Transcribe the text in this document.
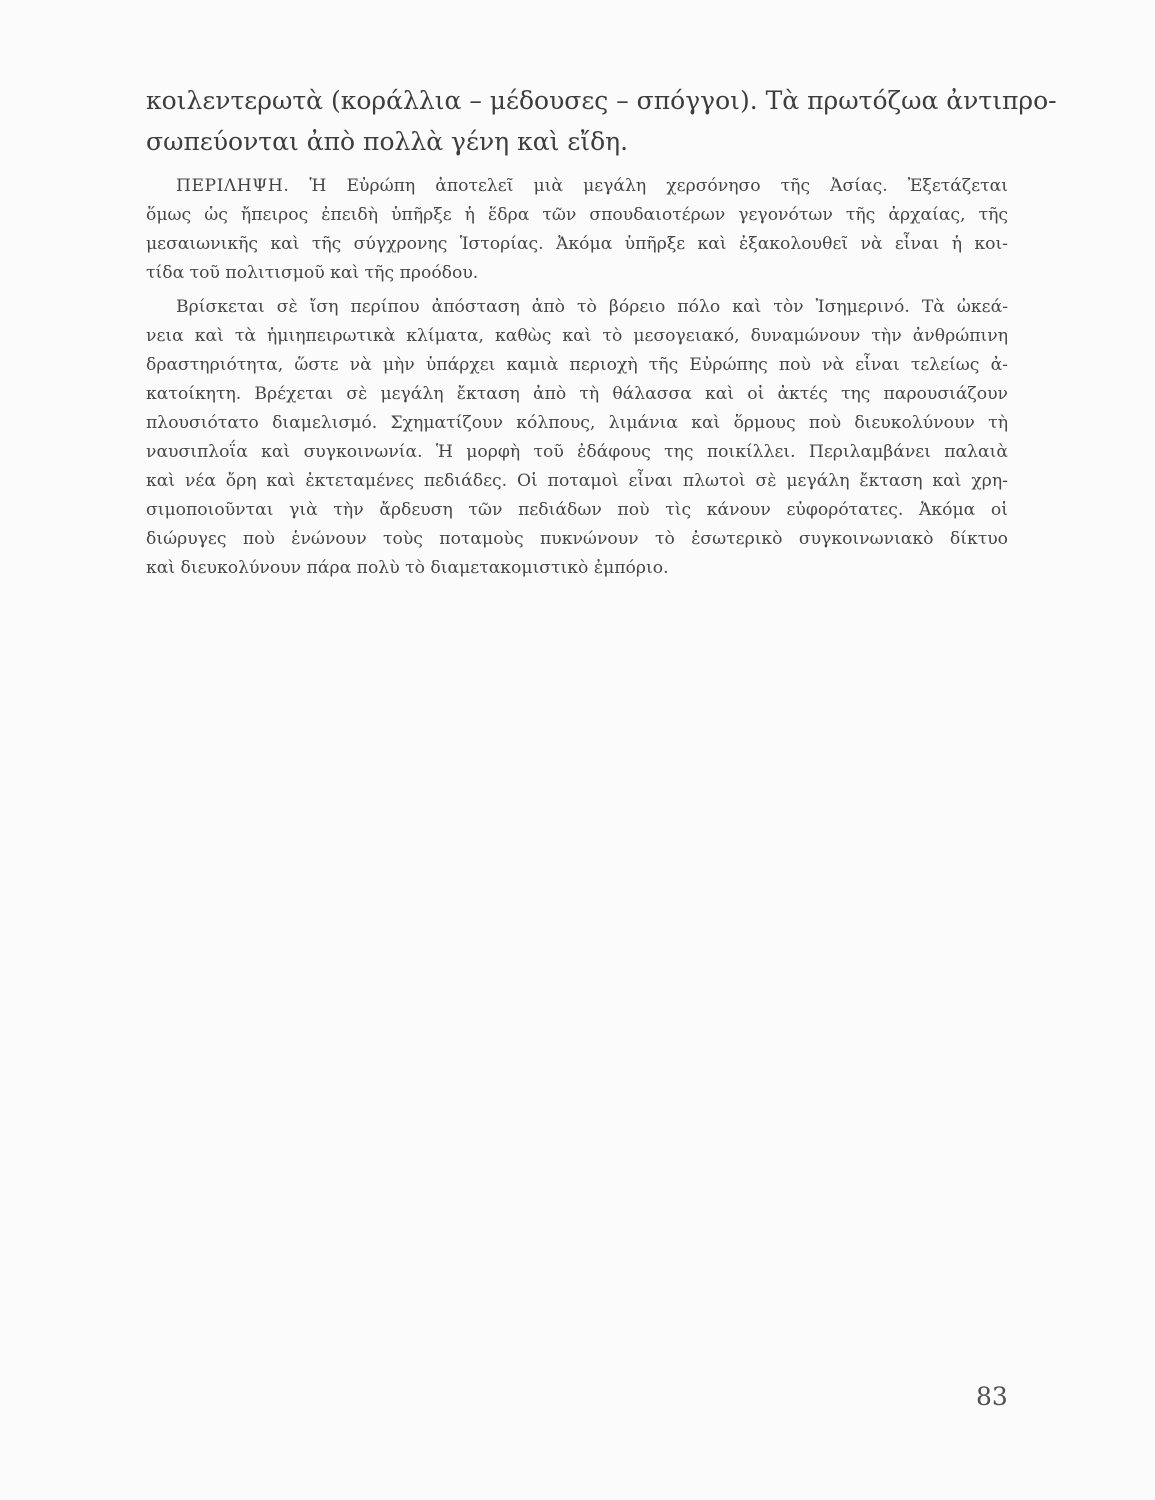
κοιλεντερωτὰ (κοράλλια – μέδουσες – σπόγγοι). Τὰ πρωτόζωα ἀντιπρο-
σωπεύονται ἀπὸ πολλὰ γένη καὶ εἴδη.

ΠΕΡΙΛΗΨΗ. Ἡ Εὐρώπη ἀποτελεῖ μιὰ μεγάλη χερσόνησο τῆς Ἀσίας. Ἐξετάζεται
ὅμως ὡς ἤπειρος ἐπειδὴ ὑπῆρξε ἡ ἕδρα τῶν σπουδαιοτέρων γεγονότων τῆς ἀρχαίας, τῆς
μεσαιωνικῆς καὶ τῆς σύγχρονης Ἱστορίας. Ἀκόμα ὑπῆρξε καὶ ἐξακολουθεῖ νὰ εἶναι ἡ κοι-
τίδα τοῦ πολιτισμοῦ καὶ τῆς προόδου.

Βρίσκεται σὲ ἴση περίπου ἀπόσταση ἀπὸ τὸ βόρειο πόλο καὶ τὸν Ἰσημερινό. Τὰ ὠκεά-
νεια καὶ τὰ ἡμιηπειρωτικὰ κλίματα, καθὼς καὶ τὸ μεσογειακό, δυναμώνουν τὴν ἀνθρώπινη
δραστηριότητα, ὥστε νὰ μὴν ὑπάρχει καμιὰ περιοχὴ τῆς Εὐρώπης ποὺ νὰ εἶναι τελείως ἀ-
κατοίκητη. Βρέχεται σὲ μεγάλη ἔκταση ἀπὸ τὴ θάλασσα καὶ οἱ ἀκτές της παρουσιάζουν
πλουσιότατο διαμελισμό. Σχηματίζουν κόλπους, λιμάνια καὶ ὅρμους ποὺ διευκολύνουν τὴ
ναυσιπλοΐα καὶ συγκοινωνία. Ἡ μορφὴ τοῦ ἐδάφους της ποικίλλει. Περιλαμβάνει παλαιὰ
καὶ νέα ὄρη καὶ ἐκτεταμένες πεδιάδες. Οἱ ποταμοὶ εἶναι πλωτοὶ σὲ μεγάλη ἔκταση καὶ χρη-
σιμοποιοῦνται γιὰ τὴν ἄρδευση τῶν πεδιάδων ποὺ τὶς κάνουν εὐφορότατες. Ἀκόμα οἱ
διώρυγες ποὺ ἑνώνουν τοὺς ποταμοὺς πυκνώνουν τὸ ἐσωτερικὸ συγκοινωνιακὸ δίκτυο
καὶ διευκολύνουν πάρα πολὺ τὸ διαμετακομιστικὸ ἐμπόριο.

83
